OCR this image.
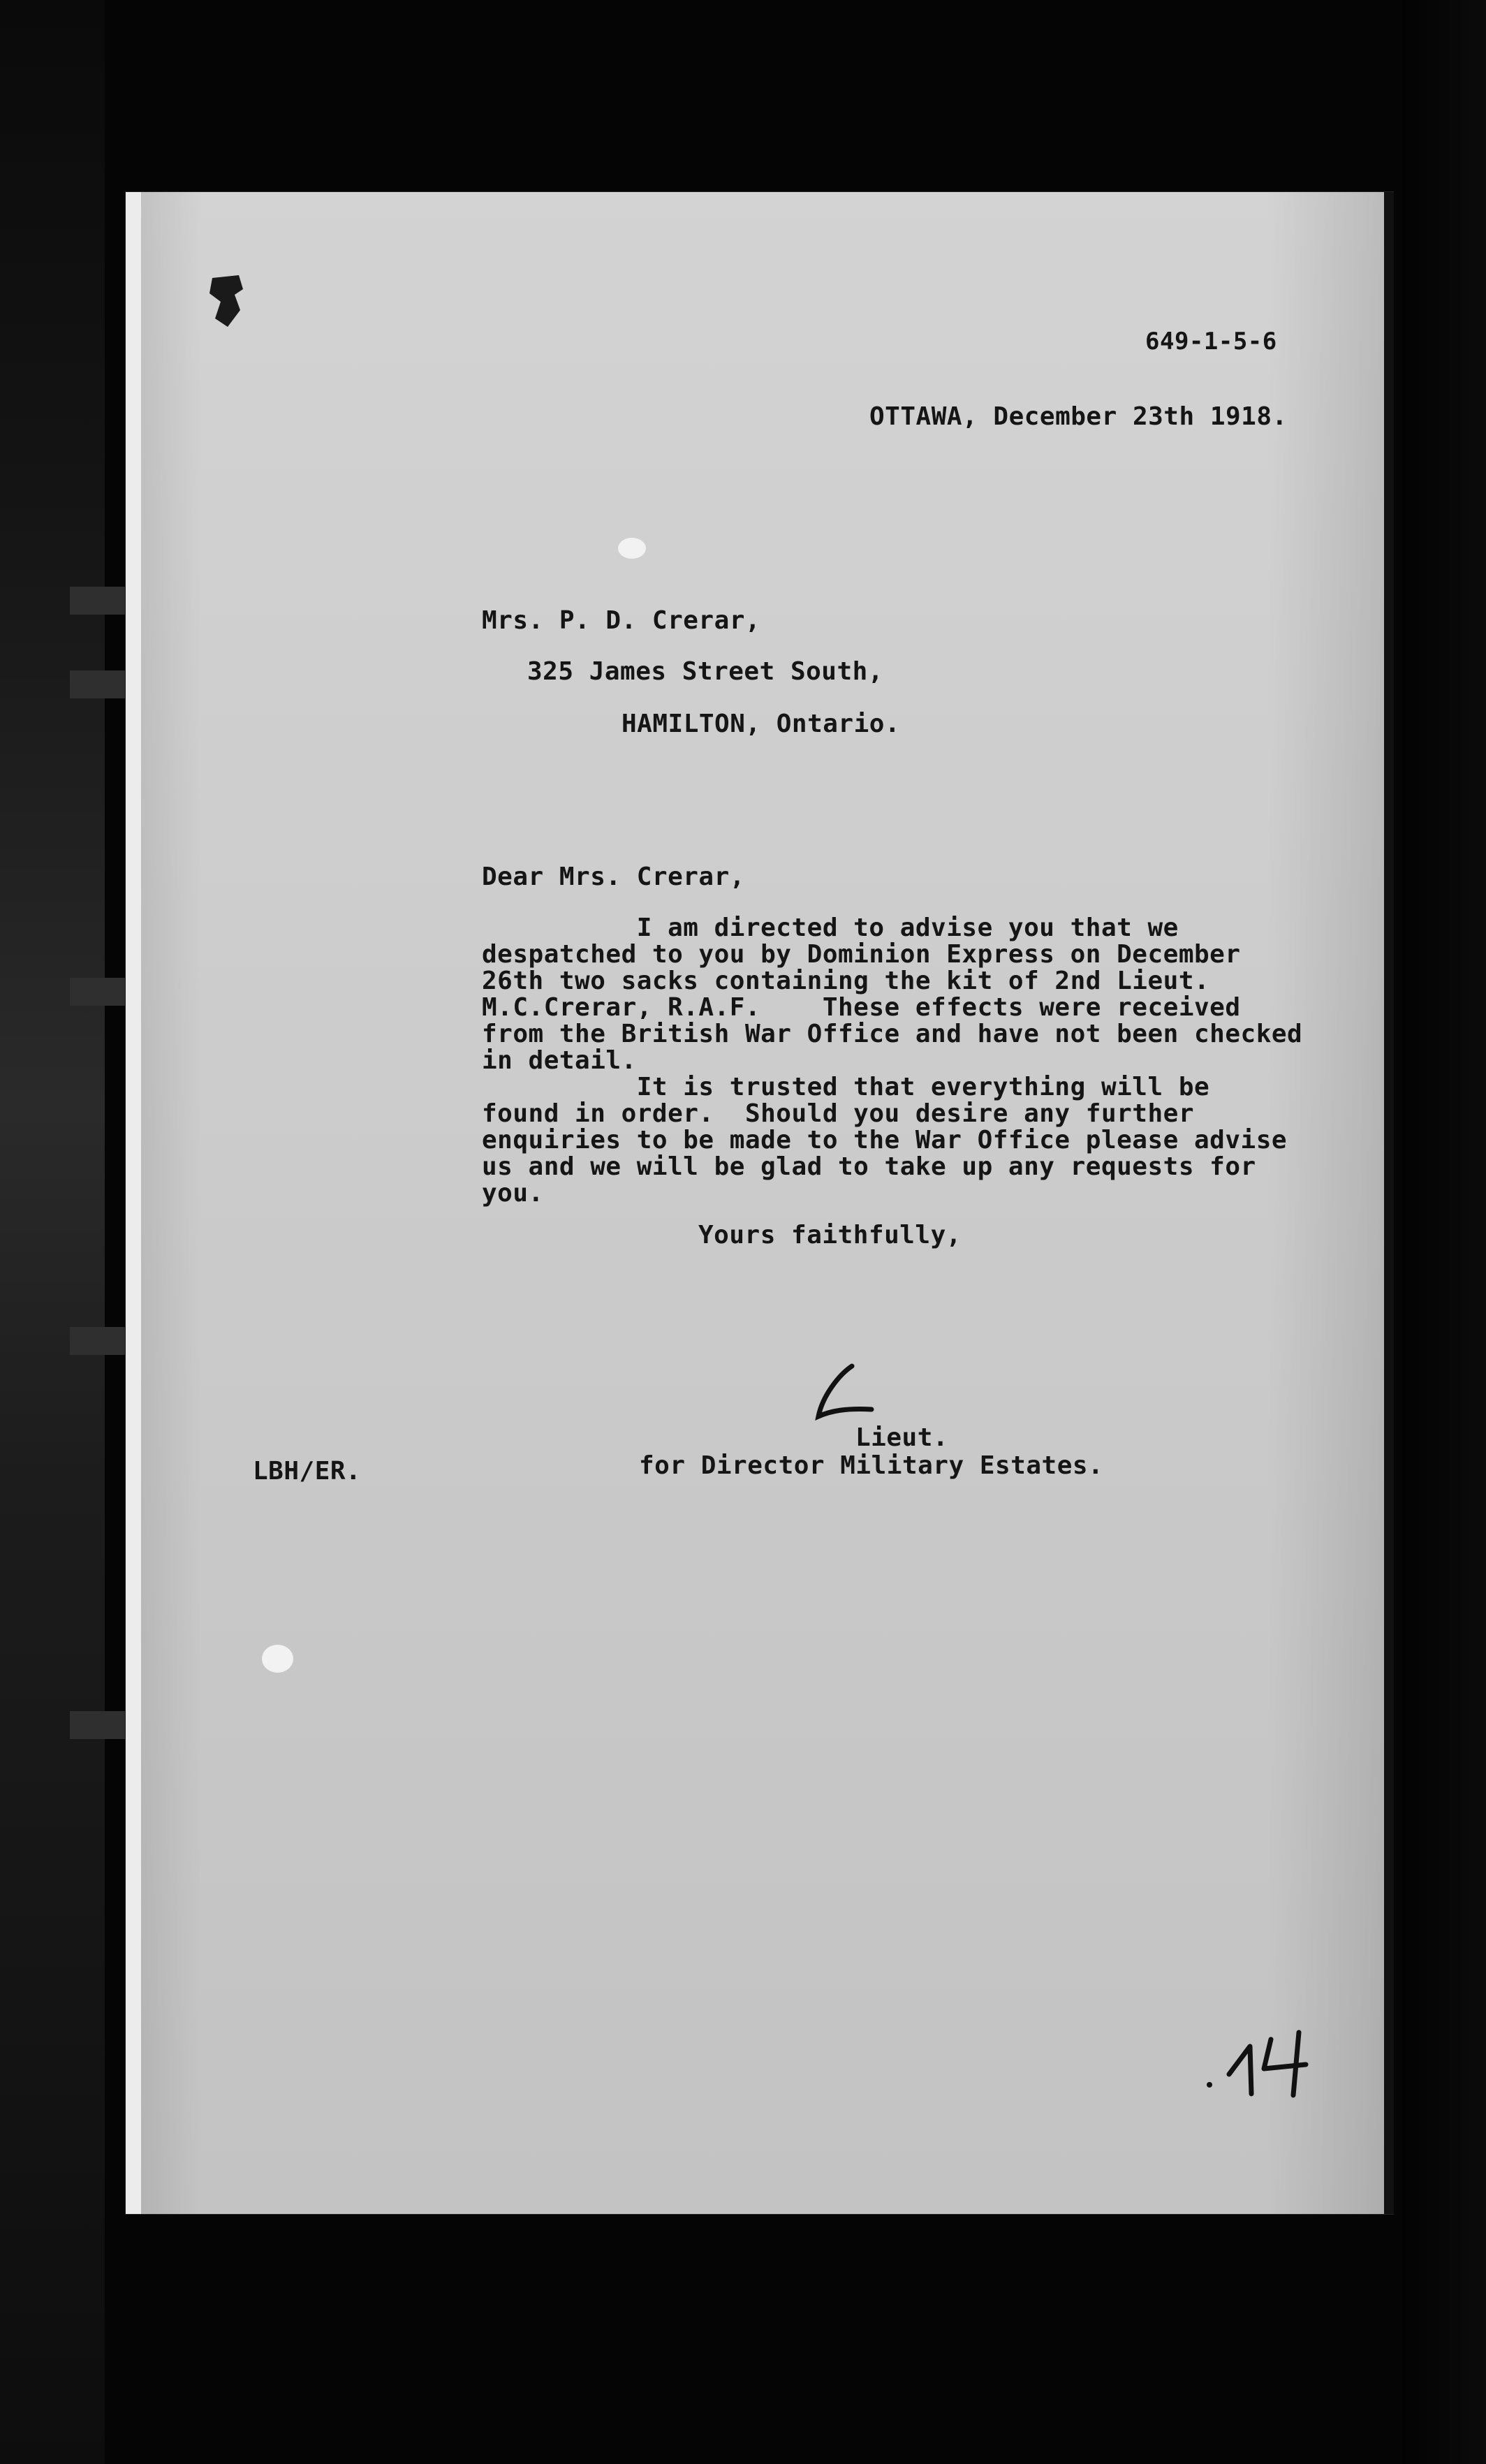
649-1-5-6
OTTAWA, December 23th 1918.
Mrs. P. D. Crerar,
325 James Street South,
HAMILTON, Ontario.
Dear Mrs. Crerar,
I am directed to advise you that we
despatched to you by Dominion Express on December
26th two sacks containing the kit of 2nd Lieut.
M.C.Crerar, R.A.F.    These effects were received
from the British War Office and have not been checked
in detail.
It is trusted that everything will be
found in order.  Should you desire any further
enquiries to be made to the War Office please advise
us and we will be glad to take up any requests for
you.
Yours faithfully,
Lieut.
for Director Military Estates.
LBH/ER.
